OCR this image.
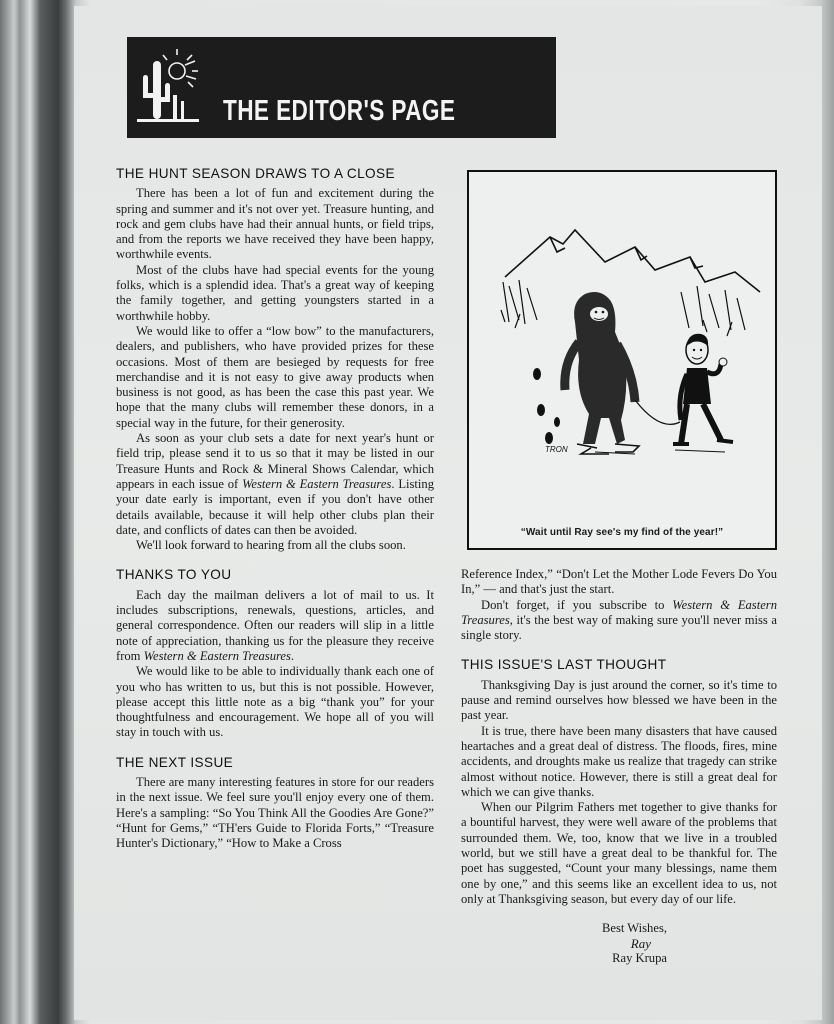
THE EDITOR'S PAGE
THE HUNT SEASON DRAWS TO A CLOSE

There has been a lot of fun and excitement during the spring and summer and it's not over yet. Treasure hunting, and rock and gem clubs have had their annual hunts, or field trips, and from the reports we have received they have been happy, worthwhile events.

Most of the clubs have had special events for the young folks, which is a splendid idea. That's a great way of keeping the family together, and getting youngsters started in a worthwhile hobby.

We would like to offer a “low bow” to the manufacturers, dealers, and publishers, who have provided prizes for these occasions. Most of them are besieged by requests for free merchandise and it is not easy to give away products when business is not good, as has been the case this past year. We hope that the many clubs will remember these donors, in a special way in the future, for their generosity.

As soon as your club sets a date for next year's hunt or field trip, please send it to us so that it may be listed in our Treasure Hunts and Rock & Mineral Shows Calendar, which appears in each issue of Western & Eastern Treasures. Listing your date early is important, even if you don't have other details available, because it will help other clubs plan their date, and conflicts of dates can then be avoided.

We'll look forward to hearing from all the clubs soon.

THANKS TO YOU

Each day the mailman delivers a lot of mail to us. It includes subscriptions, renewals, questions, articles, and general correspondence. Often our readers will slip in a little note of appreciation, thanking us for the pleasure they receive from Western & Eastern Treasures.

We would like to be able to individually thank each one of you who has written to us, but this is not possible. However, please accept this little note as a big “thank you” for your thoughtfulness and encouragement. We hope all of you will stay in touch with us.

THE NEXT ISSUE

There are many interesting features in store for our readers in the next issue. We feel sure you'll enjoy every one of them. Here's a sampling: “So You Think All the Goodies Are Gone?” “Hunt for Gems,” “TH'ers Guide to Florida Forts,” “Treasure Hunter's Dictionary,” “How to Make a Cross

TRON
“Wait until Ray see's my find of the year!”

Reference Index,” “Don't Let the Mother Lode Fevers Do You In,” — and that's just the start.

Don't forget, if you subscribe to Western & Eastern Treasures, it's the best way of making sure you'll never miss a single story.

THIS ISSUE'S LAST THOUGHT

Thanksgiving Day is just around the corner, so it's time to pause and remind ourselves how blessed we have been in the past year.

It is true, there have been many disasters that have caused heartaches and a great deal of distress. The floods, fires, mine accidents, and droughts make us realize that tragedy can strike almost without notice. However, there is still a great deal for which we can give thanks.

When our Pilgrim Fathers met together to give thanks for a bountiful harvest, they were well aware of the problems that surrounded them. We, too, know that we live in a troubled world, but we still have a great deal to be thankful for. The poet has suggested, “Count your many blessings, name them one by one,” and this seems like an excellent idea to us, not only at Thanksgiving season, but every day of our life.

Best Wishes,
Ray
Ray Krupa
